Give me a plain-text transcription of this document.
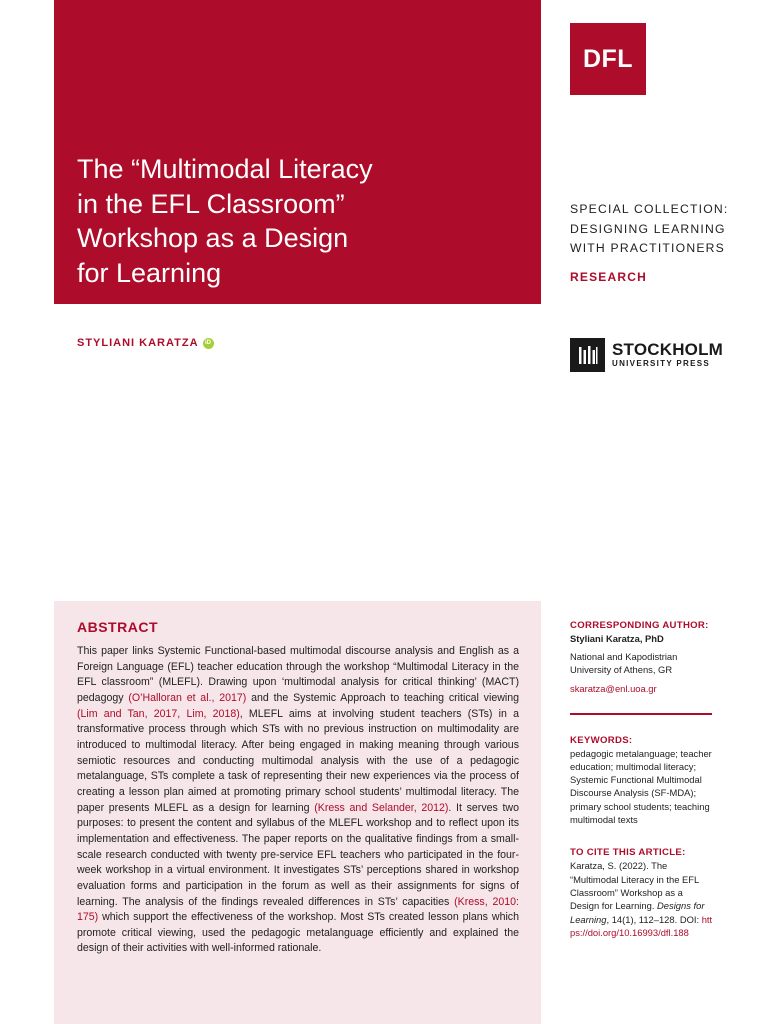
The “Multimodal Literacy
in the EFL Classroom”
Workshop as a Design
for Learning
DFL
SPECIAL COLLECTION:
DESIGNING LEARNING
WITH PRACTITIONERS
RESEARCH
STYLIANI KARATZA iD	STOCKHOLM
UNIVERSITY PRESS
ABSTRACT

This paper links Systemic Functional-based multimodal discourse analysis and English as a Foreign Language (EFL) teacher education through the workshop “Multimodal Literacy in the EFL classroom” (MLEFL). Drawing upon ‘multimodal analysis for critical thinking’ (MACT) pedagogy (O’Halloran et al., 2017) and the Systemic Approach to teaching critical viewing (Lim and Tan, 2017, Lim, 2018), MLEFL aims at involving student teachers (STs) in a transformative process through which STs with no previous instruction on multimodality are introduced to multimodal literacy. After being engaged in making meaning through various semiotic resources and conducting multimodal analysis with the use of a pedagogic metalanguage, STs complete a task of representing their new experiences via the process of creating a lesson plan aimed at promoting primary school students’ multimodal literacy. The paper presents MLEFL as a design for learning (Kress and Selander, 2012). It serves two purposes: to present the content and syllabus of the MLEFL workshop and to reflect upon its implementation and effectiveness. The paper reports on the qualitative findings from a small-scale research conducted with twenty pre-service EFL teachers who participated in the four-week workshop in a virtual environment. It investigates STs’ perceptions shared in workshop evaluation forms and participation in the forum as well as their assignments for signs of learning. The analysis of the findings revealed differences in STs’ capacities (Kress, 2010: 175) which support the effectiveness of the workshop. Most STs created lesson plans which promote critical viewing, used the pedagogic metalanguage efficiently and explained the design of their activities with well-informed rationale.

CORRESPONDING AUTHOR:
Styliani Karatza, PhD
National and Kapodistrian University of Athens, GR
skaratza@enl.uoa.gr
KEYWORDS:
pedagogic metalanguage; teacher education; multimodal literacy; Systemic Functional Multimodal Discourse Analysis (SF-MDA); primary school students; teaching multimodal texts
TO CITE THIS ARTICLE:
Karatza, S. (2022). The “Multimodal Literacy in the EFL Classroom” Workshop as a Design for Learning. Designs for Learning, 14(1), 112–128. DOI: https://doi.org/10.16993/dfl.188
